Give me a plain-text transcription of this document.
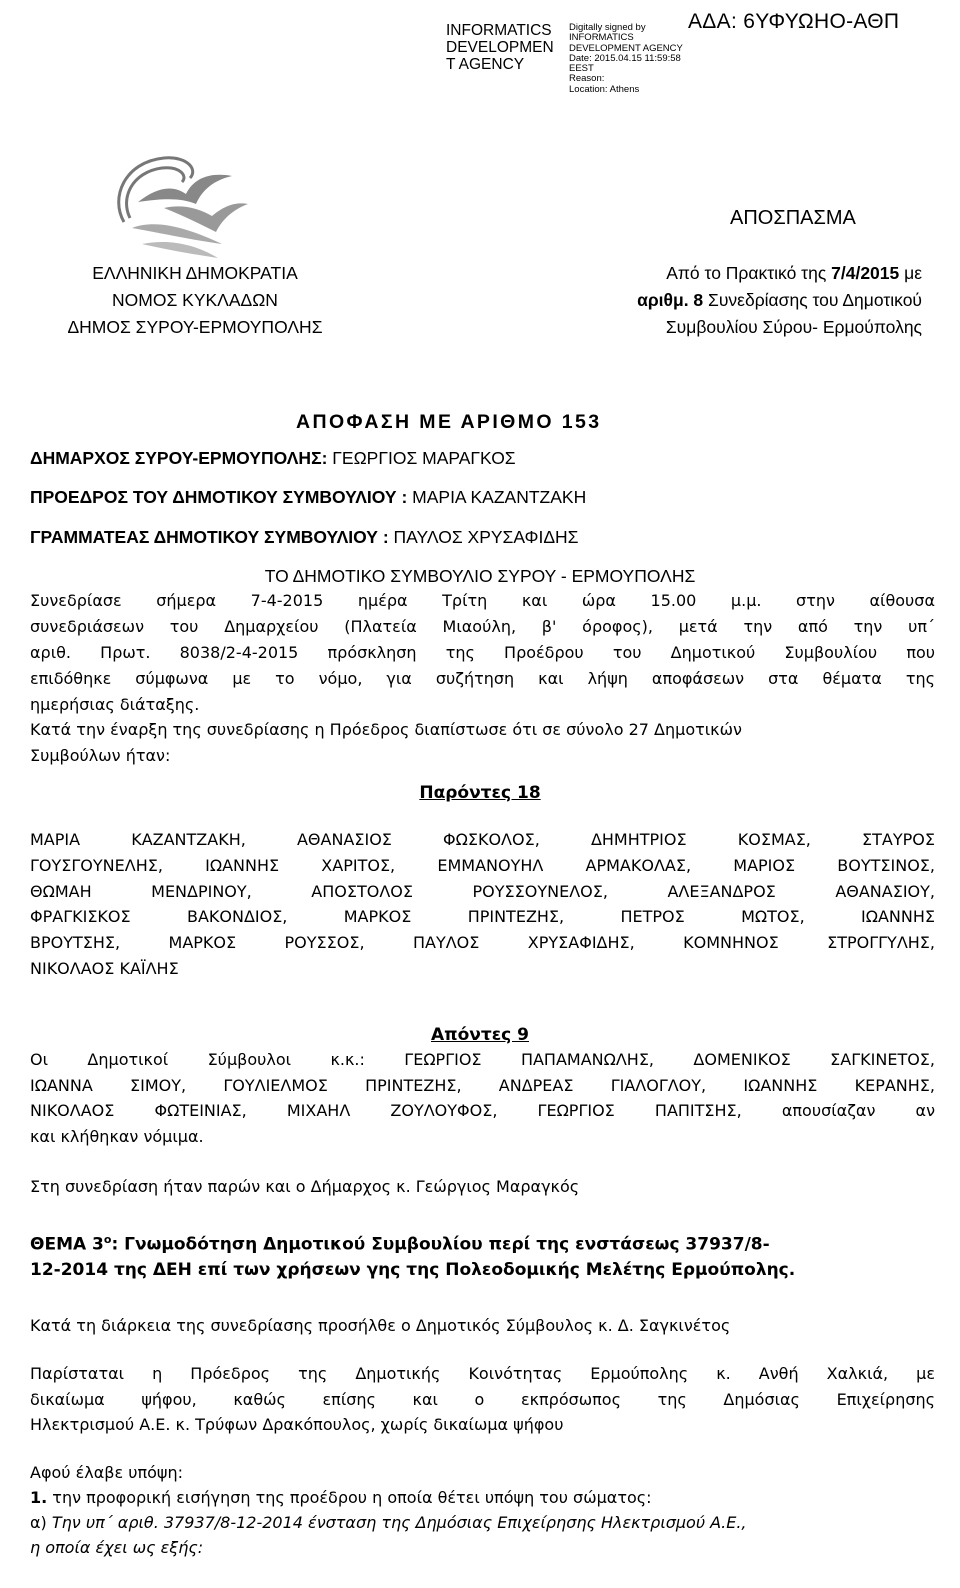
INFORMATICS
DEVELOPMEN
T AGENCY
Digitally signed by
INFORMATICS
DEVELOPMENT AGENCY
Date: 2015.04.15 11:59:58
EEST
Reason:
Location: Athens
ΑΔΑ: 6ΥΦΥΩΗΟ-ΑΘΠ
ΕΛΛΗΝΙΚΗ ΔΗΜΟΚΡΑΤΙΑ
ΝΟΜΟΣ ΚΥΚΛΑΔΩΝ
ΔΗΜΟΣ ΣΥΡΟΥ-ΕΡΜΟΥΠΟΛΗΣ
ΑΠΟΣΠΑΣΜΑ
Από το Πρακτικό της 7/4/2015 με
αριθμ. 8 Συνεδρίασης του Δημοτικού
Συμβουλίου Σύρου- Ερμούπολης
ΑΠΟΦΑΣΗ ΜΕ ΑΡΙΘΜΟ 153
ΔΗΜΑΡΧΟΣ ΣΥΡΟΥ-ΕΡΜΟΥΠΟΛΗΣ: ΓΕΩΡΓΙΟΣ ΜΑΡΑΓΚΟΣ
ΠΡΟΕΔΡΟΣ ΤΟΥ ΔΗΜΟΤΙΚΟΥ ΣΥΜΒΟΥΛΙΟΥ : ΜΑΡΙΑ ΚΑΖΑΝΤΖΑΚΗ
ΓΡΑΜΜΑΤΕΑΣ ΔΗΜΟΤΙΚΟΥ ΣΥΜΒΟΥΛΙΟΥ : ΠΑΥΛΟΣ ΧΡΥΣΑΦΙΔΗΣ
ΤΟ ΔΗΜΟΤΙΚΟ ΣΥΜΒΟΥΛΙΟ ΣΥΡΟΥ - ΕΡΜΟΥΠΟΛΗΣ
Συνεδρίασε σήμερα 7-4-2015 ημέρα Τρίτη και ώρα 15.00 μ.μ. στην αίθουσα
συνεδριάσεων του Δημαρχείου (Πλατεία Μιαούλη, β' όροφος), μετά την από την υπ΄
αριθ. Πρωτ. 8038/2-4-2015 πρόσκληση της Προέδρου του Δημοτικού Συμβουλίου που
επιδόθηκε σύμφωνα με το νόμο, για συζήτηση και λήψη αποφάσεων στα θέματα της
ημερήσιας διάταξης.
Κατά την έναρξη της συνεδρίασης η Πρόεδρος διαπίστωσε ότι σε σύνολο 27 Δημοτικών
Συμβούλων ήταν:
Παρόντες 18
ΜΑΡΙΑ ΚΑΖΑΝΤΖΑΚΗ, ΑΘΑΝΑΣΙΟΣ ΦΩΣΚΟΛΟΣ, ΔΗΜΗΤΡΙΟΣ ΚΟΣΜΑΣ, ΣΤΑΥΡΟΣ
ΓΟΥΣΓΟΥΝΕΛΗΣ, ΙΩΑΝΝΗΣ ΧΑΡΙΤΟΣ, ΕΜΜΑΝΟΥΗΛ ΑΡΜΑΚΟΛΑΣ, ΜΑΡΙΟΣ ΒΟΥΤΣΙΝΟΣ,
ΘΩΜΑΗ ΜΕΝΔΡΙΝΟΥ, ΑΠΟΣΤΟΛΟΣ ΡΟΥΣΣΟΥΝΕΛΟΣ, ΑΛΕΞΑΝΔΡΟΣ ΑΘΑΝΑΣΙΟΥ,
ΦΡΑΓΚΙΣΚΟΣ ΒΑΚΟΝΔΙΟΣ, ΜΑΡΚΟΣ ΠΡΙΝΤΕΖΗΣ, ΠΕΤΡΟΣ ΜΩΤΟΣ, ΙΩΑΝΝΗΣ
ΒΡΟΥΤΣΗΣ, ΜΑΡΚΟΣ ΡΟΥΣΣΟΣ, ΠΑΥΛΟΣ ΧΡΥΣΑΦΙΔΗΣ, ΚΟΜΝΗΝΟΣ ΣΤΡΟΓΓΥΛΗΣ,
ΝΙΚΟΛΑΟΣ ΚΑΪΛΗΣ
Απόντες 9
Οι Δημοτικοί Σύμβουλοι κ.κ.: ΓΕΩΡΓΙΟΣ ΠΑΠΑΜΑΝΩΛΗΣ, ΔΟΜΕΝΙΚΟΣ ΣΑΓΚΙΝΕΤΟΣ,
ΙΩΑΝΝΑ ΣΙΜΟΥ, ΓΟΥΛΙΕΛΜΟΣ ΠΡΙΝΤΕΖΗΣ, ΑΝΔΡΕΑΣ ΓΙΑΛΟΓΛΟΥ, ΙΩΑΝΝΗΣ ΚΕΡΑΝΗΣ,
ΝΙΚΟΛΑΟΣ ΦΩΤΕΙΝΙΑΣ, ΜΙΧΑΗΛ ΖΟΥΛΟΥΦΟΣ, ΓΕΩΡΓΙΟΣ ΠΑΠΙΤΣΗΣ, απουσίαζαν αν
και κλήθηκαν νόμιμα.
Στη συνεδρίαση ήταν παρών και ο Δήμαρχος κ. Γεώργιος Μαραγκός
ΘΕΜΑ $3^o$: Γνωμοδότηση Δημοτικού Συμβουλίου περί της ενστάσεως 37937/8-
12-2014 της ΔΕΗ επί των χρήσεων γης της Πολεοδομικής Μελέτης Ερμούπολης.
Κατά τη διάρκεια της συνεδρίασης προσήλθε ο Δημοτικός Σύμβουλος κ. Δ. Σαγκινέτος
Παρίσταται η Πρόεδρος της Δημοτικής Κοινότητας Ερμούπολης κ. Ανθή Χαλκιά, με
δικαίωμα ψήφου, καθώς επίσης και ο εκπρόσωπος της Δημόσιας Επιχείρησης
Ηλεκτρισμού Α.Ε. κ. Τρύφων Δρακόπουλος, χωρίς δικαίωμα ψήφου
Αφού έλαβε υπόψη:
1. την προφορική εισήγηση της προέδρου η οποία θέτει υπόψη του σώματος:
α) Την υπ΄ αριθ. 37937/8-12-2014 ένσταση της Δημόσιας Επιχείρησης Ηλεκτρισμού Α.Ε.,
η οποία έχει ως εξής:
